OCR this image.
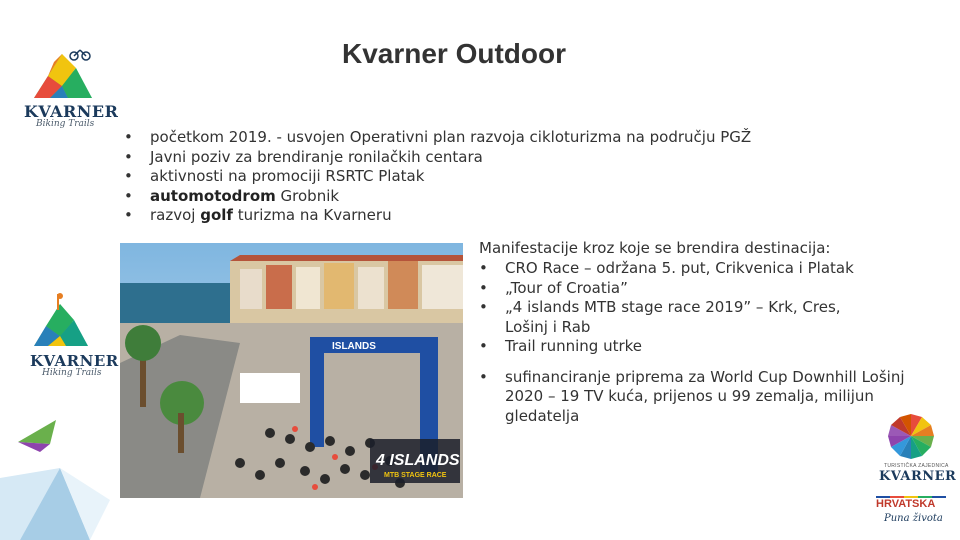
Kvarner Outdoor
KVARNER
Biking Trails
• početkom 2019. - usvojen Operativni plan razvoja cikloturizma na području PGŽ
• Javni poziv za brendiranje ronilačkih centara
• aktivnosti na promociji RSRTC Platak
• automotodrom Grobnik
• razvoj golf turizma na Kvarneru
KVARNER
Hiking Trails
ISLANDS
4 ISLANDS
MTB STAGE RACE
Manifestacije kroz koje se brendira destinacija:
• CRO Race – održana 5. put, Crikvenica i Platak
• „Tour of Croatia”
• „4 islands MTB stage race 2019” – Krk, Cres, Lošinj i Rab
• Trail running utrke
• sufinanciranje priprema za World Cup Downhill Lošinj 2020 – 19 TV kuća, prijenos u 99 zemalja, milijun gledatelja
TURISTIČKA ZAJEDNICA
KVARNER
HRVATSKA
Puna života
